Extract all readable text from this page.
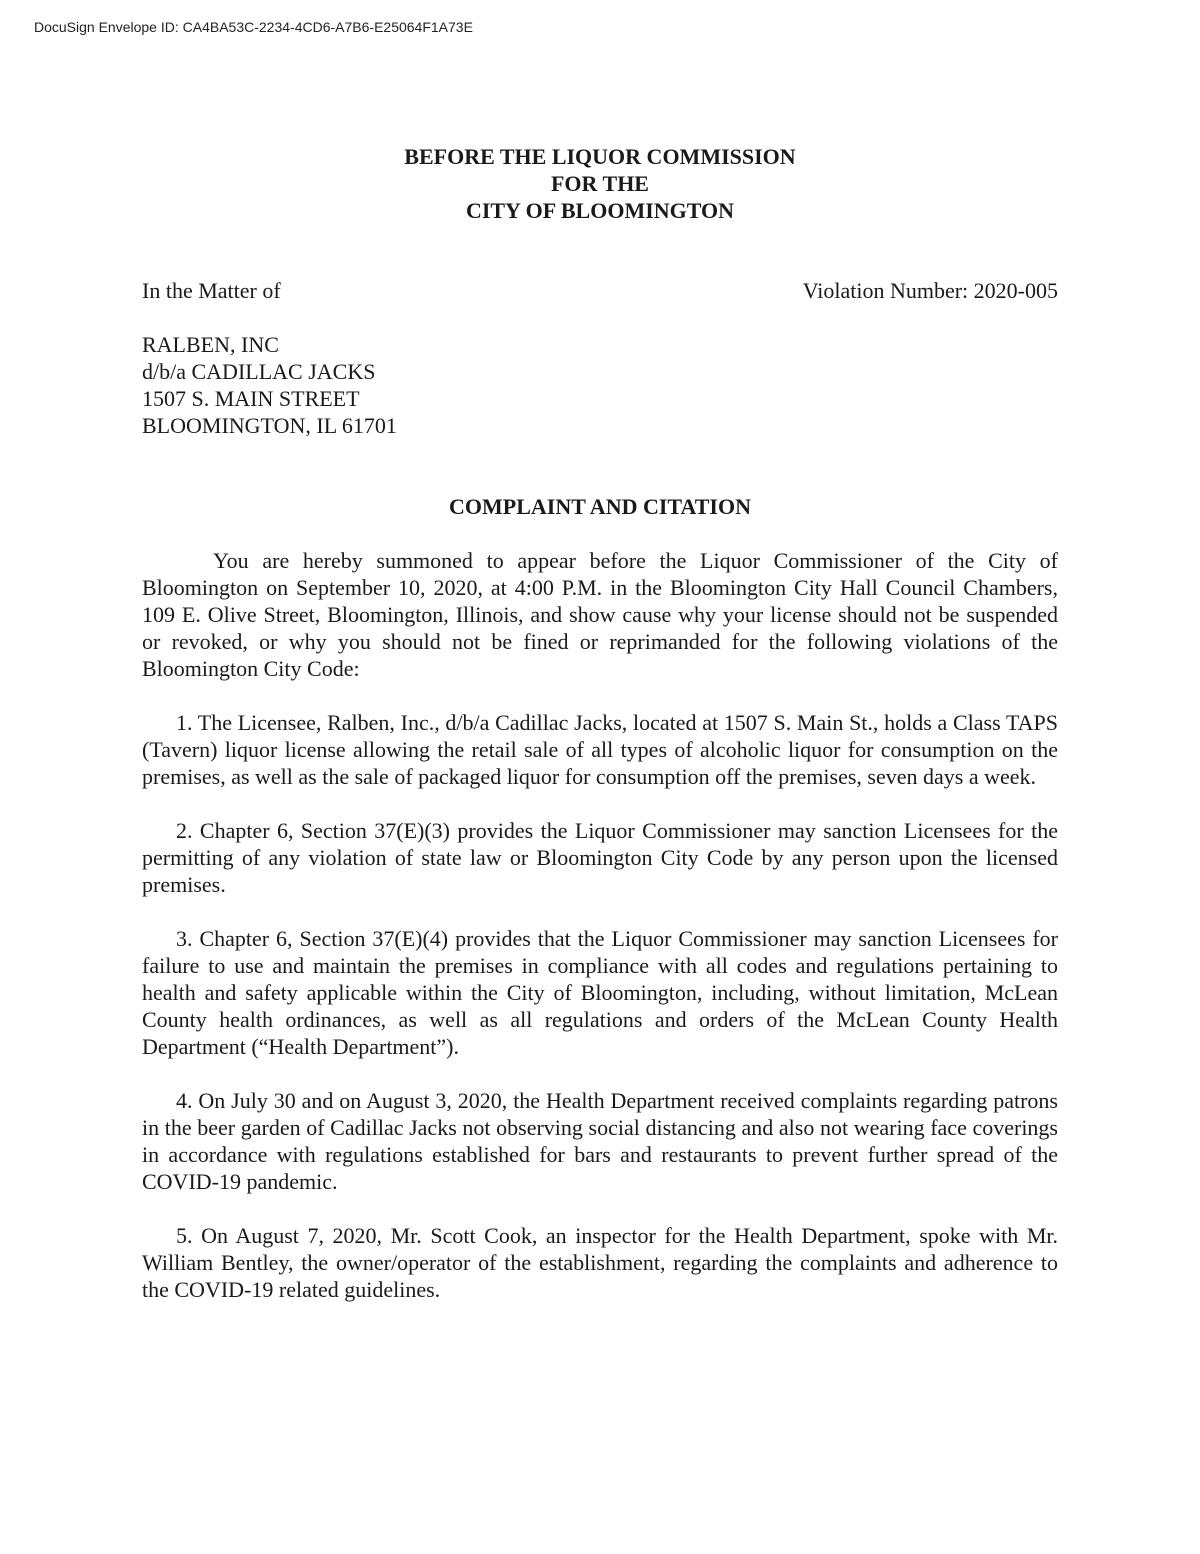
DocuSign Envelope ID: CA4BA53C-2234-4CD6-A7B6-E25064F1A73E
BEFORE THE LIQUOR COMMISSION
FOR THE
CITY OF BLOOMINGTON
In the Matter of	Violation Number: 2020-005
RALBEN, INC
d/b/a CADILLAC JACKS
1507 S. MAIN STREET
BLOOMINGTON, IL 61701
COMPLAINT AND CITATION

You are hereby summoned to appear before the Liquor Commissioner of the City of Bloomington on September 10, 2020, at 4:00 P.M. in the Bloomington City Hall Council Chambers, 109 E. Olive Street, Bloomington, Illinois, and show cause why your license should not be suspended or revoked, or why you should not be fined or reprimanded for the following violations of the Bloomington City Code:

1. The Licensee, Ralben, Inc., d/b/a Cadillac Jacks, located at 1507 S. Main St., holds a Class TAPS (Tavern) liquor license allowing the retail sale of all types of alcoholic liquor for consumption on the premises, as well as the sale of packaged liquor for consumption off the premises, seven days a week.

2. Chapter 6, Section 37(E)(3) provides the Liquor Commissioner may sanction Licensees for the permitting of any violation of state law or Bloomington City Code by any person upon the licensed premises.

3. Chapter 6, Section 37(E)(4) provides that the Liquor Commissioner may sanction Licensees for failure to use and maintain the premises in compliance with all codes and regulations pertaining to health and safety applicable within the City of Bloomington, including, without limitation, McLean County health ordinances, as well as all regulations and orders of the McLean County Health Department (“Health Department”).

4. On July 30 and on August 3, 2020, the Health Department received complaints regarding patrons in the beer garden of Cadillac Jacks not observing social distancing and also not wearing face coverings in accordance with regulations established for bars and restaurants to prevent further spread of the COVID-19 pandemic.

5. On August 7, 2020, Mr. Scott Cook, an inspector for the Health Department, spoke with Mr. William Bentley, the owner/operator of the establishment, regarding the complaints and adherence to the COVID-19 related guidelines.
